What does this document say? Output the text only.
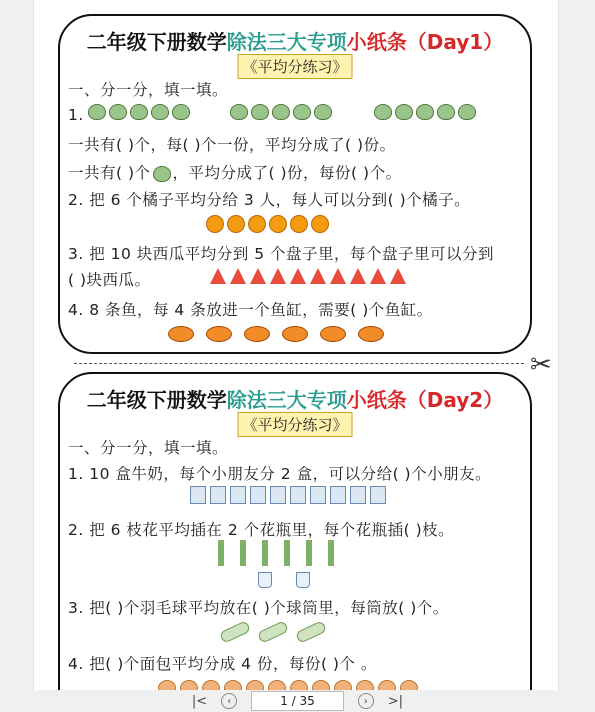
二年级下册数学除法三大专项小纸条（Day1）
《平均分练习》
一、分一分，填一填。
1.
一共有( )个，每( )个一份，平均分成了( )份。
一共有( )个 ，平均分成了( )份，每份( )个。
2. 把 6 个橘子平均分给 3 人，每人可以分到( )个橘子。
3. 把 10 块西瓜平均分到 5 个盘子里，每个盘子里可以分到
( )块西瓜。
4. 8 条鱼，每 4 条放进一个鱼缸，需要( )个鱼缸。
✂
二年级下册数学除法三大专项小纸条（Day2）
《平均分练习》
一、分一分，填一填。
1. 10 盒牛奶，每个小朋友分 2 盒，可以分给( )个小朋友。
2. 把 6 枝花平均插在 2 个花瓶里，每个花瓶插( )枝。
3. 把( )个羽毛球平均放在( )个球筒里，每筒放( )个。
4. 把( )个面包平均分成 4 份，每份( )个 。
|<	‹	1 / 35	›	>|
